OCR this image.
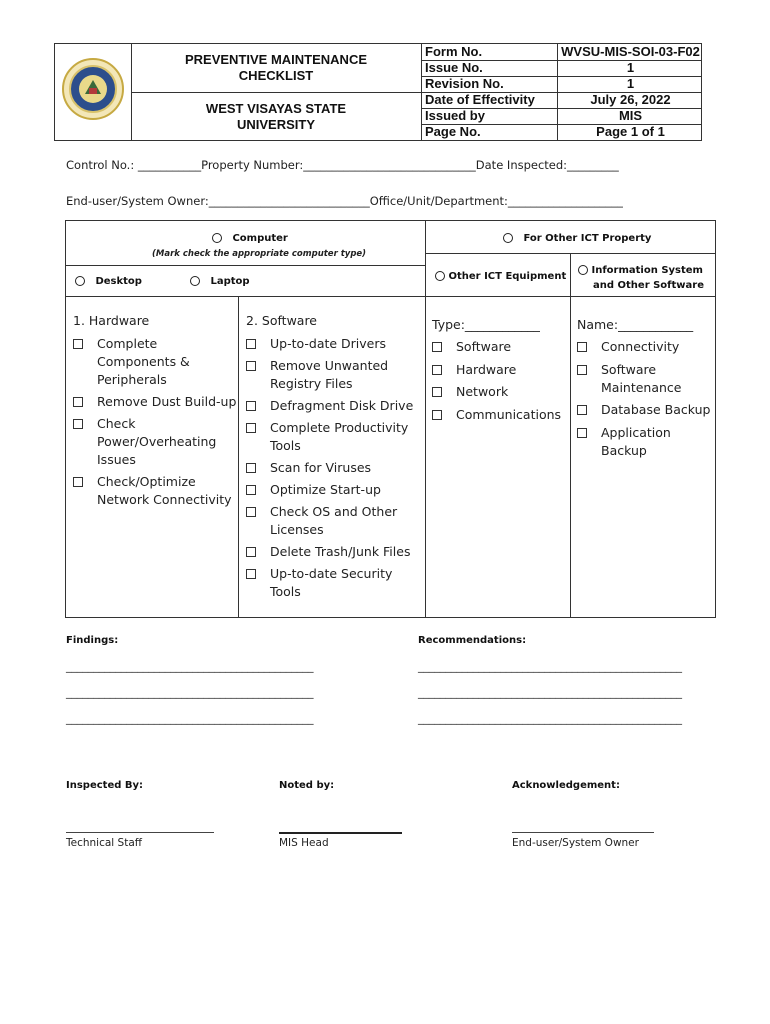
PREVENTIVE MAINTENANCE
CHECKLIST
WEST VISAYAS STATE
UNIVERSITY
Form No.	WVSU-MIS-SOI-03-F02
Issue No.	1
Revision No.	1
Date of Effectivity	July 26, 2022
Issued by	MIS
Page No.	Page 1 of 1
Control No.: ___________Property Number:______________________________Date Inspected:_________
End-user/System Owner:____________________________Office/Unit/Department:____________________
Computer
(Mark check the appropriate computer type)
Desktop	Laptop
For Other ICT Property
Other ICT Equipment
Information System
and Other Software
1. Hardware
Complete
Components &
Peripherals
Remove Dust Build-up
Check
Power/Overheating
Issues
Check/Optimize
Network Connectivity
2. Software
Up-to-date Drivers
Remove Unwanted
Registry Files
Defragment Disk Drive
Complete Productivity
Tools
Scan for Viruses
Optimize Start-up
Check OS and Other
Licenses
Delete Trash/Junk Files
Up-to-date Security
Tools
Type:____________
Software
Hardware
Network
Communications
Name:____________
Connectivity
Software
Maintenance
Database Backup
Application
Backup
Findings:
_____________________________________________
_____________________________________________
_____________________________________________
Recommendations:
________________________________________________
________________________________________________
________________________________________________
Inspected By:
Technical Staff
Noted by:
MIS Head
Acknowledgement:
End-user/System Owner
